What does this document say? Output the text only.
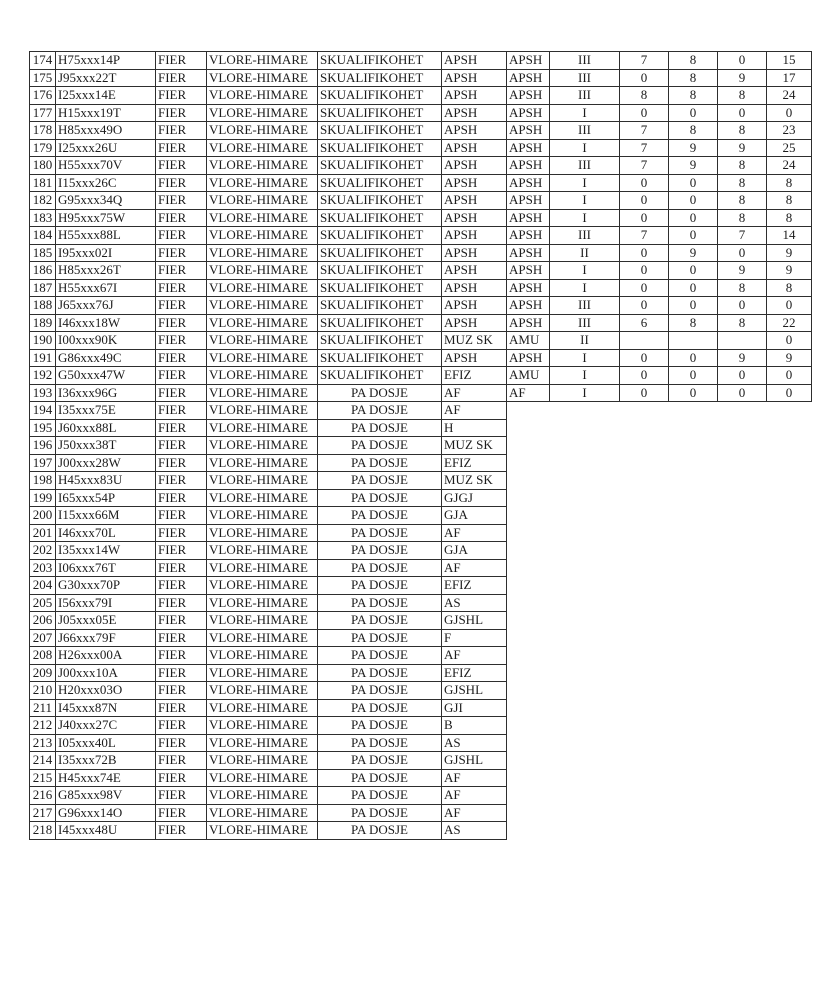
174	H75xxx14P	FIER	VLORE-HIMARE	SKUALIFIKOHET	APSH	APSH	III	7	8	0	15
175	J95xxx22T	FIER	VLORE-HIMARE	SKUALIFIKOHET	APSH	APSH	III	0	8	9	17
176	I25xxx14E	FIER	VLORE-HIMARE	SKUALIFIKOHET	APSH	APSH	III	8	8	8	24
177	H15xxx19T	FIER	VLORE-HIMARE	SKUALIFIKOHET	APSH	APSH	I	0	0	0	0
178	H85xxx49O	FIER	VLORE-HIMARE	SKUALIFIKOHET	APSH	APSH	III	7	8	8	23
179	I25xxx26U	FIER	VLORE-HIMARE	SKUALIFIKOHET	APSH	APSH	I	7	9	9	25
180	H55xxx70V	FIER	VLORE-HIMARE	SKUALIFIKOHET	APSH	APSH	III	7	9	8	24
181	I15xxx26C	FIER	VLORE-HIMARE	SKUALIFIKOHET	APSH	APSH	I	0	0	8	8
182	G95xxx34Q	FIER	VLORE-HIMARE	SKUALIFIKOHET	APSH	APSH	I	0	0	8	8
183	H95xxx75W	FIER	VLORE-HIMARE	SKUALIFIKOHET	APSH	APSH	I	0	0	8	8
184	H55xxx88L	FIER	VLORE-HIMARE	SKUALIFIKOHET	APSH	APSH	III	7	0	7	14
185	I95xxx02I	FIER	VLORE-HIMARE	SKUALIFIKOHET	APSH	APSH	II	0	9	0	9
186	H85xxx26T	FIER	VLORE-HIMARE	SKUALIFIKOHET	APSH	APSH	I	0	0	9	9
187	H55xxx67I	FIER	VLORE-HIMARE	SKUALIFIKOHET	APSH	APSH	I	0	0	8	8
188	J65xxx76J	FIER	VLORE-HIMARE	SKUALIFIKOHET	APSH	APSH	III	0	0	0	0
189	I46xxx18W	FIER	VLORE-HIMARE	SKUALIFIKOHET	APSH	APSH	III	6	8	8	22
190	I00xxx90K	FIER	VLORE-HIMARE	SKUALIFIKOHET	MUZ SK	AMU	II				0
191	G86xxx49C	FIER	VLORE-HIMARE	SKUALIFIKOHET	APSH	APSH	I	0	0	9	9
192	G50xxx47W	FIER	VLORE-HIMARE	SKUALIFIKOHET	EFIZ	AMU	I	0	0	0	0
193	I36xxx96G	FIER	VLORE-HIMARE	PA DOSJE	AF	AF	I	0	0	0	0
194	I35xxx75E	FIER	VLORE-HIMARE	PA DOSJE	AF						
195	J60xxx88L	FIER	VLORE-HIMARE	PA DOSJE	H						
196	J50xxx38T	FIER	VLORE-HIMARE	PA DOSJE	MUZ SK						
197	J00xxx28W	FIER	VLORE-HIMARE	PA DOSJE	EFIZ						
198	H45xxx83U	FIER	VLORE-HIMARE	PA DOSJE	MUZ SK						
199	I65xxx54P	FIER	VLORE-HIMARE	PA DOSJE	GJGJ						
200	I15xxx66M	FIER	VLORE-HIMARE	PA DOSJE	GJA						
201	I46xxx70L	FIER	VLORE-HIMARE	PA DOSJE	AF						
202	I35xxx14W	FIER	VLORE-HIMARE	PA DOSJE	GJA						
203	I06xxx76T	FIER	VLORE-HIMARE	PA DOSJE	AF						
204	G30xxx70P	FIER	VLORE-HIMARE	PA DOSJE	EFIZ						
205	I56xxx79I	FIER	VLORE-HIMARE	PA DOSJE	AS						
206	J05xxx05E	FIER	VLORE-HIMARE	PA DOSJE	GJSHL						
207	J66xxx79F	FIER	VLORE-HIMARE	PA DOSJE	F						
208	H26xxx00A	FIER	VLORE-HIMARE	PA DOSJE	AF						
209	J00xxx10A	FIER	VLORE-HIMARE	PA DOSJE	EFIZ						
210	H20xxx03O	FIER	VLORE-HIMARE	PA DOSJE	GJSHL						
211	I45xxx87N	FIER	VLORE-HIMARE	PA DOSJE	GJI						
212	J40xxx27C	FIER	VLORE-HIMARE	PA DOSJE	B						
213	I05xxx40L	FIER	VLORE-HIMARE	PA DOSJE	AS						
214	I35xxx72B	FIER	VLORE-HIMARE	PA DOSJE	GJSHL						
215	H45xxx74E	FIER	VLORE-HIMARE	PA DOSJE	AF						
216	G85xxx98V	FIER	VLORE-HIMARE	PA DOSJE	AF						
217	G96xxx14O	FIER	VLORE-HIMARE	PA DOSJE	AF						
218	I45xxx48U	FIER	VLORE-HIMARE	PA DOSJE	AS						
